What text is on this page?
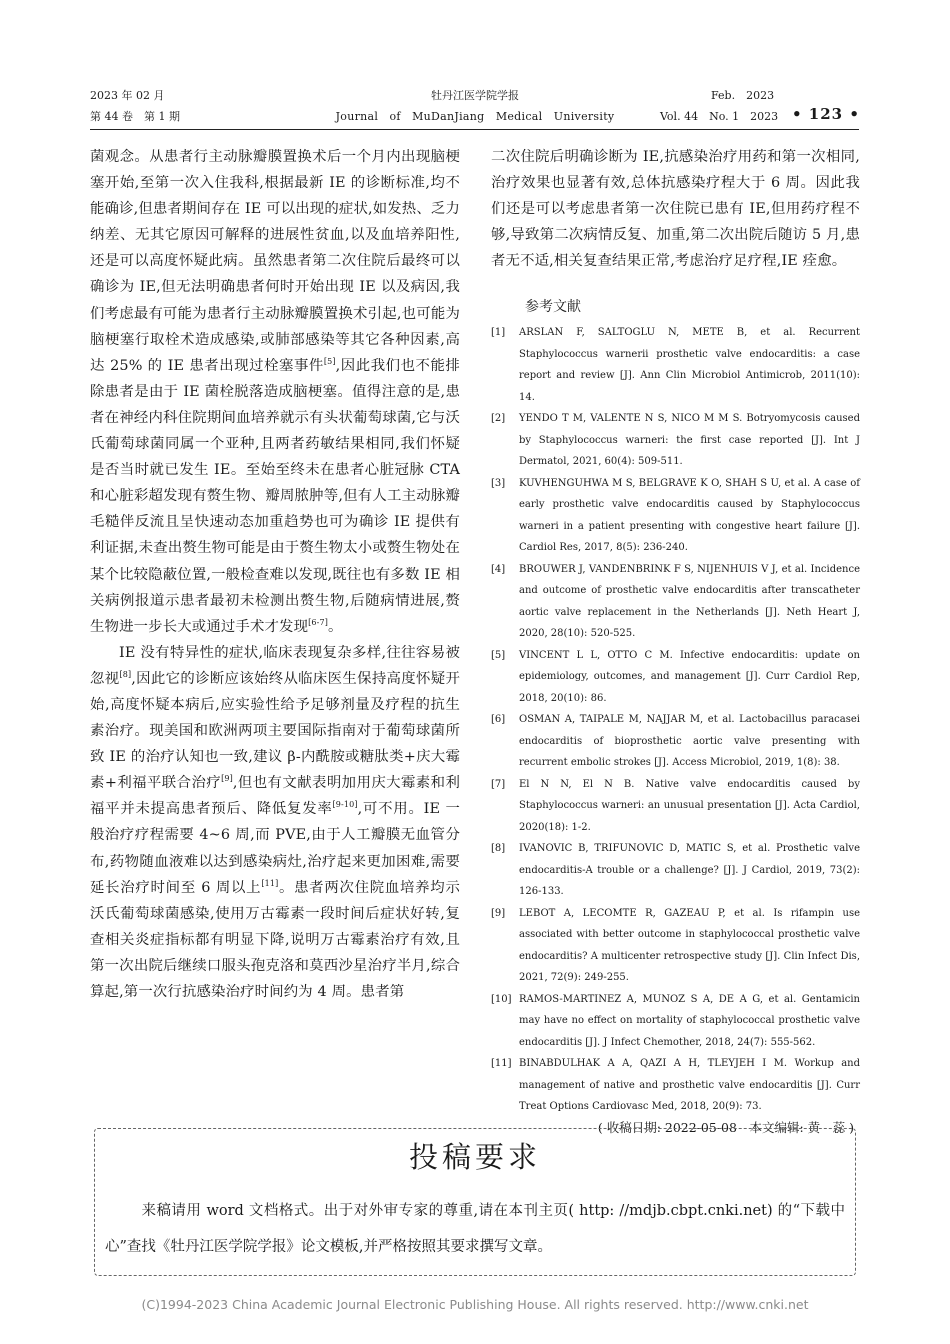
2023 年 02 月
第 44 卷　第 1 期
牡丹江医学院学报
Journal　of　MuDanJiang　Medical　University
Feb.　2023
Vol. 44　No. 1　2023 • 123 •

菌观念。从患者行主动脉瓣膜置换术后一个月内出现脑梗塞开始,至第一次入住我科,根据最新 IE 的诊断标准,均不能确诊,但患者期间存在 IE 可以出现的症状,如发热、乏力纳差、无其它原因可解释的进展性贫血,以及血培养阳性,还是可以高度怀疑此病。虽然患者第二次住院后最终可以确诊为 IE,但无法明确患者何时开始出现 IE 以及病因,我们考虑最有可能为患者行主动脉瓣膜置换术引起,也可能为脑梗塞行取栓术造成感染,或肺部感染等其它各种因素,高达 25% 的 IE 患者出现过栓塞事件[5],因此我们也不能排除患者是由于 IE 菌栓脱落造成脑梗塞。值得注意的是,患者在神经内科住院期间血培养就示有头状葡萄球菌,它与沃氏葡萄球菌同属一个亚种,且两者药敏结果相同,我们怀疑是否当时就已发生 IE。至始至终未在患者心脏冠脉 CTA 和心脏彩超发现有赘生物、瓣周脓肿等,但有人工主动脉瓣毛糙伴反流且呈快速动态加重趋势也可为确诊 IE 提供有利证据,未查出赘生物可能是由于赘生物太小或赘生物处在某个比较隐蔽位置,一般检查难以发现,既往也有多数 IE 相关病例报道示患者最初未检测出赘生物,后随病情进展,赘生物进一步长大或通过手术才发现[6-7]。

IE 没有特异性的症状,临床表现复杂多样,往往容易被忽视[8],因此它的诊断应该始终从临床医生保持高度怀疑开始,高度怀疑本病后,应实验性给予足够剂量及疗程的抗生素治疗。现美国和欧洲两项主要国际指南对于葡萄球菌所致 IE 的治疗认知也一致,建议 β-内酰胺或糖肽类+庆大霉素+利福平联合治疗[9],但也有文献表明加用庆大霉素和利福平并未提高患者预后、降低复发率[9-10],可不用。IE 一般治疗疗程需要 4~6 周,而 PVE,由于人工瓣膜无血管分布,药物随血液难以达到感染病灶,治疗起来更加困难,需要延长治疗时间至 6 周以上[11]。患者两次住院血培养均示沃氏葡萄球菌感染,使用万古霉素一段时间后症状好转,复查相关炎症指标都有明显下降,说明万古霉素治疗有效,且第一次出院后继续口服头孢克洛和莫西沙星治疗半月,综合算起,第一次行抗感染治疗时间约为 4 周。患者第

二次住院后明确诊断为 IE,抗感染治疗用药和第一次相同,治疗效果也显著有效,总体抗感染疗程大于 6 周。因此我们还是可以考虑患者第一次住院已患有 IE,但用药疗程不够,导致第二次病情反复、加重,第二次出院后随访 5 月,患者无不适,相关复查结果正常,考虑治疗足疗程,IE 痊愈。

参考文献
[1]	ARSLAN F, SALTOGLU N, METE B, et al. Recurrent Staphylococcus warnerii prosthetic valve endocarditis: a case report and review [J]. Ann Clin Microbiol Antimicrob, 2011(10): 14.
[2]	YENDO T M, VALENTE N S, NICO M M S. Botryomycosis caused by Staphylococcus warneri: the first case reported [J]. Int J Dermatol, 2021, 60(4): 509-511.
[3]	KUVHENGUHWA M S, BELGRAVE K O, SHAH S U, et al. A case of early prosthetic valve endocarditis caused by Staphylococcus warneri in a patient presenting with congestive heart failure [J]. Cardiol Res, 2017, 8(5): 236-240.
[4]	BROUWER J, VANDENBRINK F S, NIJENHUIS V J, et al. Incidence and outcome of prosthetic valve endocarditis after transcatheter aortic valve replacement in the Netherlands [J]. Neth Heart J, 2020, 28(10): 520-525.
[5]	VINCENT L L, OTTO C M. Infective endocarditis: update on epidemiology, outcomes, and management [J]. Curr Cardiol Rep, 2018, 20(10): 86.
[6]	OSMAN A, TAIPALE M, NAJJAR M, et al. Lactobacillus paracasei endocarditis of bioprosthetic aortic valve presenting with recurrent embolic strokes [J]. Access Microbiol, 2019, 1(8): 38.
[7]	El N N, El N B. Native valve endocarditis caused by Staphylococcus warneri: an unusual presentation [J]. Acta Cardiol, 2020(18): 1-2.
[8]	IVANOVIC B, TRIFUNOVIC D, MATIC S, et al. Prosthetic valve endocarditis-A trouble or a challenge? [J]. J Cardiol, 2019, 73(2): 126-133.
[9]	LEBOT A, LECOMTE R, GAZEAU P, et al. Is rifampin use associated with better outcome in staphylococcal prosthetic valve endocarditis? A multicenter retrospective study [J]. Clin Infect Dis, 2021, 72(9): 249-255.
[10] RAMOS-MARTINEZ A, MUNOZ S A, DE A G, et al. Gentamicin may have no effect on mortality of staphylococcal prosthetic valve endocarditis [J]. J Infect Chemother, 2018, 24(7): 555-562.
[11] BINABDULHAK A A, QAZI A H, TLEYJEH I M. Workup and management of native and prosthetic valve endocarditis [J]. Curr Treat Options Cardiovasc Med, 2018, 20(9): 73.
( 收稿日期: 2022-05-08　本文编辑: 黄　蕊 )
投稿要求
来稿请用 word 文档格式。出于对外审专家的尊重,请在本刊主页( http: //mdjb.cbpt.cnki.net) 的“下载中心”查找《牡丹江医学院学报》论文模板,并严格按照其要求撰写文章。
(C)1994-2023 China Academic Journal Electronic Publishing House. All rights reserved. http://www.cnki.net
